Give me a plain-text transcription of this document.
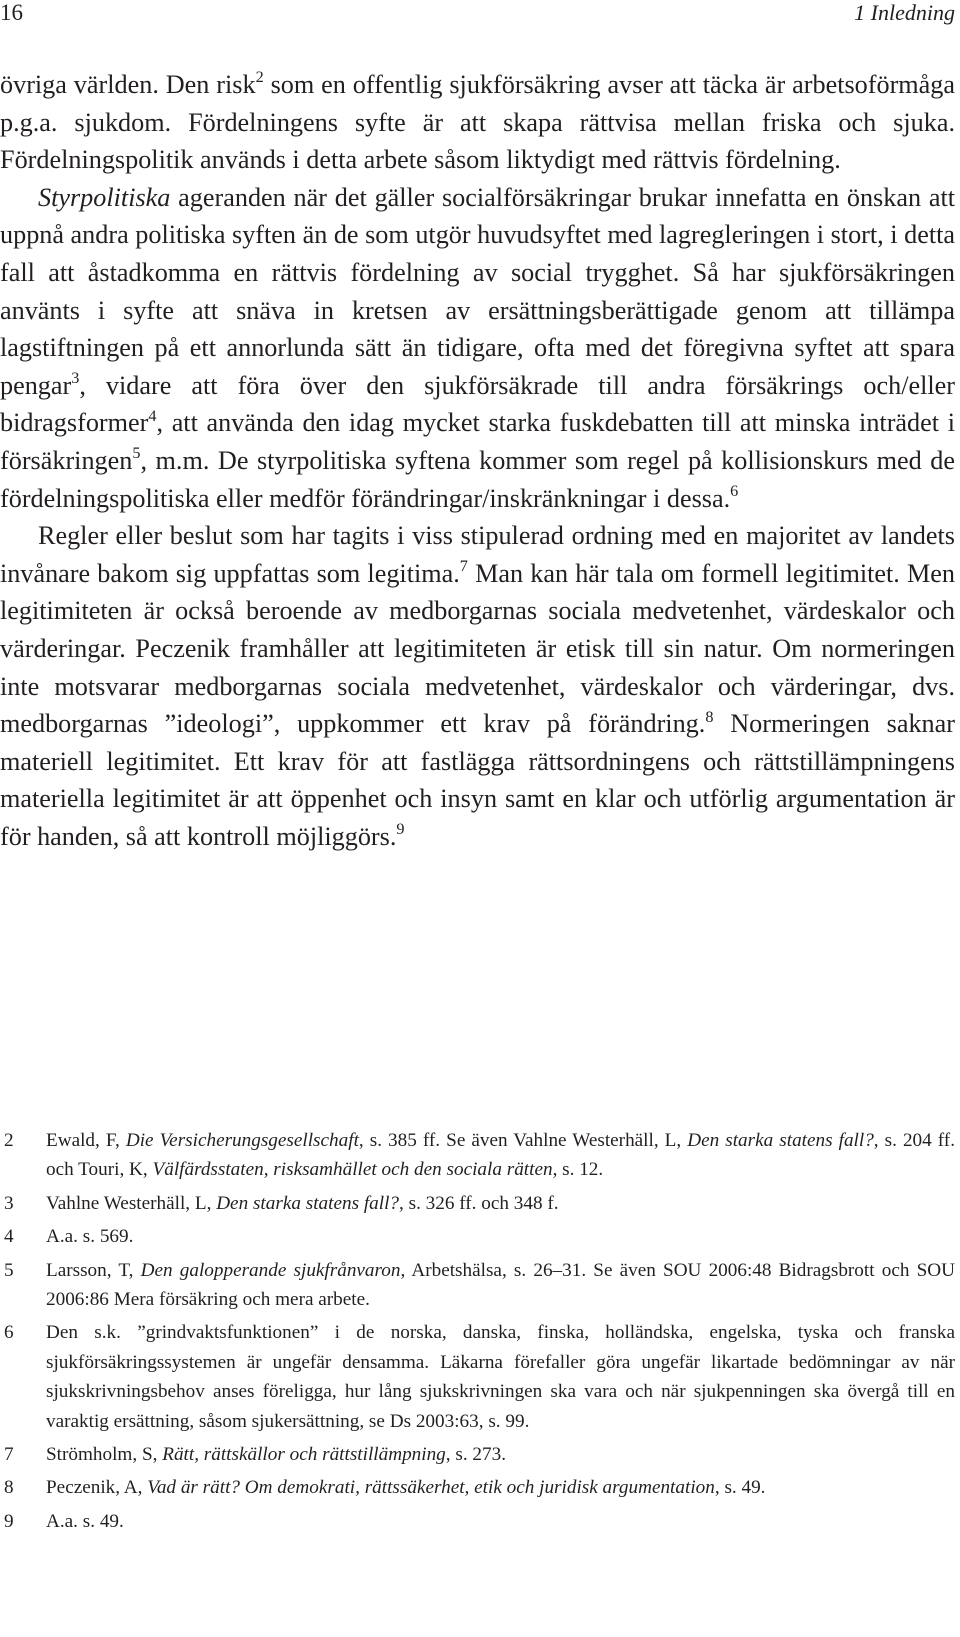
16	1 Inledning

övriga världen. Den risk$^2$ som en offentlig sjukförsäkring avser att täcka är arbetsoförmåga p.g.a. sjukdom. Fördelningens syfte är att skapa rättvisa mellan friska och sjuka. Fördelningspolitik används i detta arbete såsom liktydigt med rättvis fördelning.

Styrpolitiska ageranden när det gäller socialförsäkringar brukar innefatta en önskan att uppnå andra politiska syften än de som utgör huvudsyftet med lagregleringen i stort, i detta fall att åstadkomma en rättvis fördelning av social trygghet. Så har sjukförsäkringen använts i syfte att snäva in kretsen av ersättningsberättigade genom att tillämpa lagstiftningen på ett annorlunda sätt än tidigare, ofta med det föregivna syftet att spara pengar$^3$, vidare att föra över den sjukförsäkrade till andra försäkrings och/eller bidragsformer$^4$, att använda den idag mycket starka fuskdebatten till att minska inträdet i försäkringen$^5$, m.m. De styrpolitiska syftena kommer som regel på kollisionskurs med de fördelningspolitiska eller medför förändringar/inskränkningar i dessa.$^6$

Regler eller beslut som har tagits i viss stipulerad ordning med en majoritet av landets invånare bakom sig uppfattas som legitima.$^7$ Man kan här tala om formell legitimitet. Men legitimiteten är också beroende av medborgarnas sociala medvetenhet, värdeskalor och värderingar. Peczenik framhåller att legitimiteten är etisk till sin natur. Om normeringen inte motsvarar medborgarnas sociala medvetenhet, värdeskalor och värderingar, dvs. medborgarnas ”ideologi”, uppkommer ett krav på förändring.$^8$ Normeringen saknar materiell legitimitet. Ett krav för att fastlägga rättsordningens och rättstillämpningens materiella legitimitet är att öppenhet och insyn samt en klar och utförlig argumentation är för handen, så att kontroll möjliggörs.$^9$

2	Ewald, F, Die Versicherungsgesellschaft, s. 385 ff. Se även Vahlne Westerhäll, L, Den starka statens fall?, s. 204 ff. och Touri, K, Välfärdsstaten, risksamhället och den sociala rätten, s. 12.
3	Vahlne Westerhäll, L, Den starka statens fall?, s. 326 ff. och 348 f.
4	A.a. s. 569.
5	Larsson, T, Den galopperande sjukfrånvaron, Arbetshälsa, s. 26–31. Se även SOU 2006:48 Bidragsbrott och SOU 2006:86 Mera försäkring och mera arbete.
6	Den s.k. ”grindvaktsfunktionen” i de norska, danska, finska, holländska, engelska, tyska och franska sjukförsäkringssystemen är ungefär densamma. Läkarna förefaller göra ungefär likartade bedömningar av när sjukskrivningsbehov anses föreligga, hur lång sjukskrivningen ska vara och när sjukpenningen ska övergå till en varaktig ersättning, såsom sjukersättning, se Ds 2003:63, s. 99.
7	Strömholm, S, Rätt, rättskällor och rättstillämpning, s. 273.
8	Peczenik, A, Vad är rätt? Om demokrati, rättssäkerhet, etik och juridisk argumentation, s. 49.
9	A.a. s. 49.
